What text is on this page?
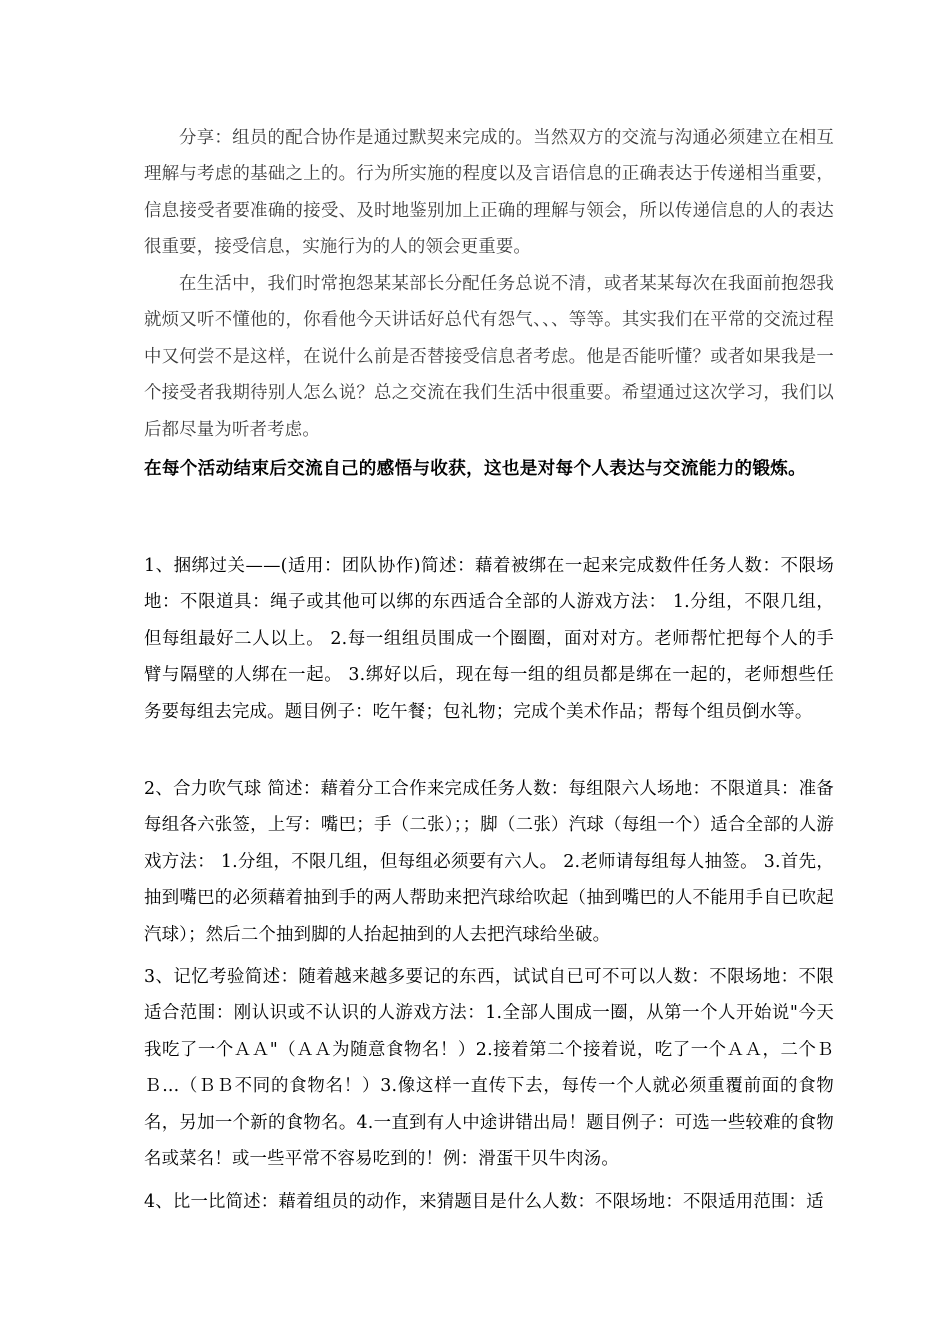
分享：组员的配合协作是通过默契来完成的。当然双方的交流与沟通必须建立在相互理解与考虑的基础之上的。行为所实施的程度以及言语信息的正确表达于传递相当重要，信息接受者要准确的接受、及时地鉴别加上正确的理解与领会，所以传递信息的人的表达很重要，接受信息，实施行为的人的领会更重要。

在生活中，我们时常抱怨某某部长分配任务总说不清，或者某某每次在我面前抱怨我就烦又听不懂他的，你看他今天讲话好总代有怨气、、、等等。其实我们在平常的交流过程中又何尝不是这样，在说什么前是否替接受信息者考虑。他是否能听懂？或者如果我是一个接受者我期待别人怎么说？总之交流在我们生活中很重要。希望通过这次学习，我们以后都尽量为听者考虑。

在每个活动结束后交流自己的感悟与收获，这也是对每个人表达与交流能力的锻炼。

1、捆绑过关——(适用：团队协作)简述：藉着被绑在一起来完成数件任务人数：不限场地：不限道具：绳子或其他可以绑的东西适合全部的人游戏方法： 1.分组，不限几组，但每组最好二人以上。 2.每一组组员围成一个圈圈，面对对方。老师帮忙把每个人的手臂与隔壁的人绑在一起。 3.绑好以后，现在每一组的组员都是绑在一起的，老师想些任务要每组去完成。题目例子：吃午餐；包礼物；完成个美术作品；帮每个组员倒水等。

2、合力吹气球 简述：藉着分工合作来完成任务人数：每组限六人场地：不限道具：准备每组各六张签，上写：嘴巴；手（二张）；；脚（二张）汽球（每组一个）适合全部的人游戏方法： 1.分组，不限几组，但每组必须要有六人。 2.老师请每组每人抽签。 3.首先，抽到嘴巴的必须藉着抽到手的两人帮助来把汽球给吹起（抽到嘴巴的人不能用手自已吹起汽球）；然后二个抽到脚的人抬起抽到的人去把汽球给坐破。

3、记忆考验简述：随着越来越多要记的东西，试试自已可不可以人数：不限场地：不限适合范围：刚认识或不认识的人游戏方法：1.全部人围成一圈，从第一个人开始说"今天我吃了一个ＡＡ"（ＡＡ为随意食物名！）2.接着第二个接着说，吃了一个ＡＡ，二个ＢＢ...（ＢＢ不同的食物名！）3.像这样一直传下去，每传一个人就必须重覆前面的食物名，另加一个新的食物名。4.一直到有人中途讲错出局！题目例子：可选一些较难的食物名或菜名！或一些平常不容易吃到的！例：滑蛋干贝牛肉汤。

4、比一比简述：藉着组员的动作，来猜题目是什么人数：不限场地：不限适用范围：适
